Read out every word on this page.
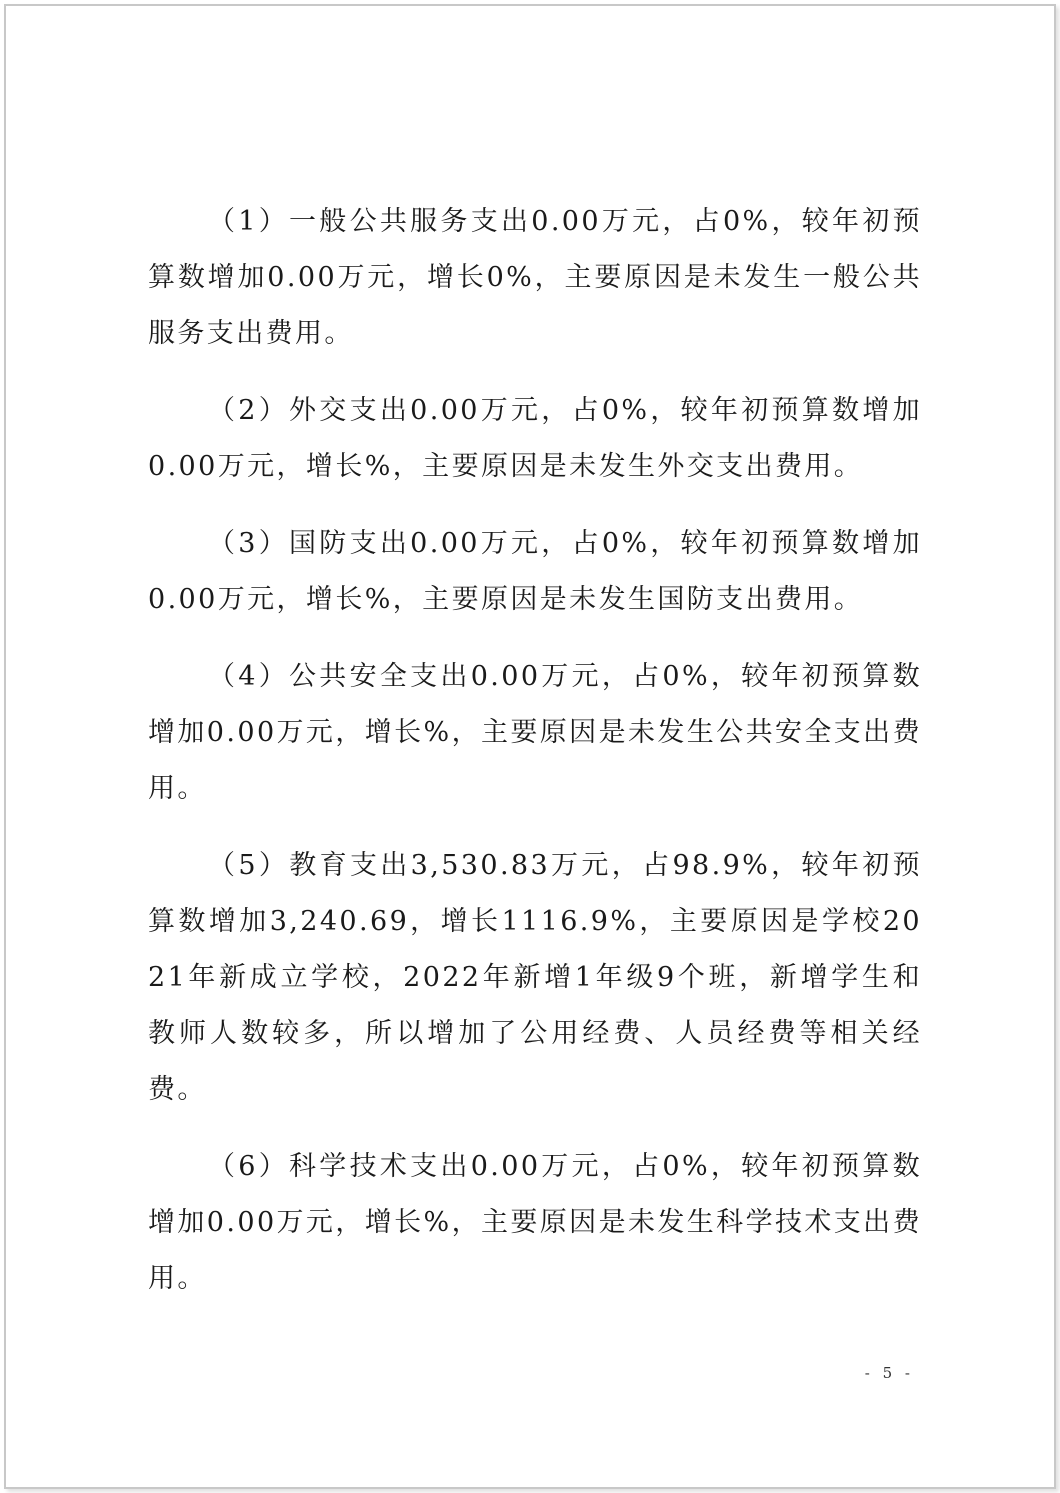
（1）一般公共服务支出0.00万元，占0%，较年初预算数增加0.00万元，增长0%，主要原因是未发生一般公共服务支出费用。

（2）外交支出0.00万元，占0%，较年初预算数增加0.00万元，增长%，主要原因是未发生外交支出费用。

（3）国防支出0.00万元，占0%，较年初预算数增加0.00万元，增长%，主要原因是未发生国防支出费用。

（4）公共安全支出0.00万元，占0%，较年初预算数增加0.00万元，增长%，主要原因是未发生公共安全支出费用。

（5）教育支出3,530.83万元，占98.9%，较年初预算数增加3,240.69，增长1116.9%，主要原因是学校2021年新成立学校，2022年新增1年级9个班，新增学生和教师人数较多，所以增加了公用经费、人员经费等相关经费。

（6）科学技术支出0.00万元，占0%，较年初预算数增加0.00万元，增长%，主要原因是未发生科学技术支出费用。

- 5 -
